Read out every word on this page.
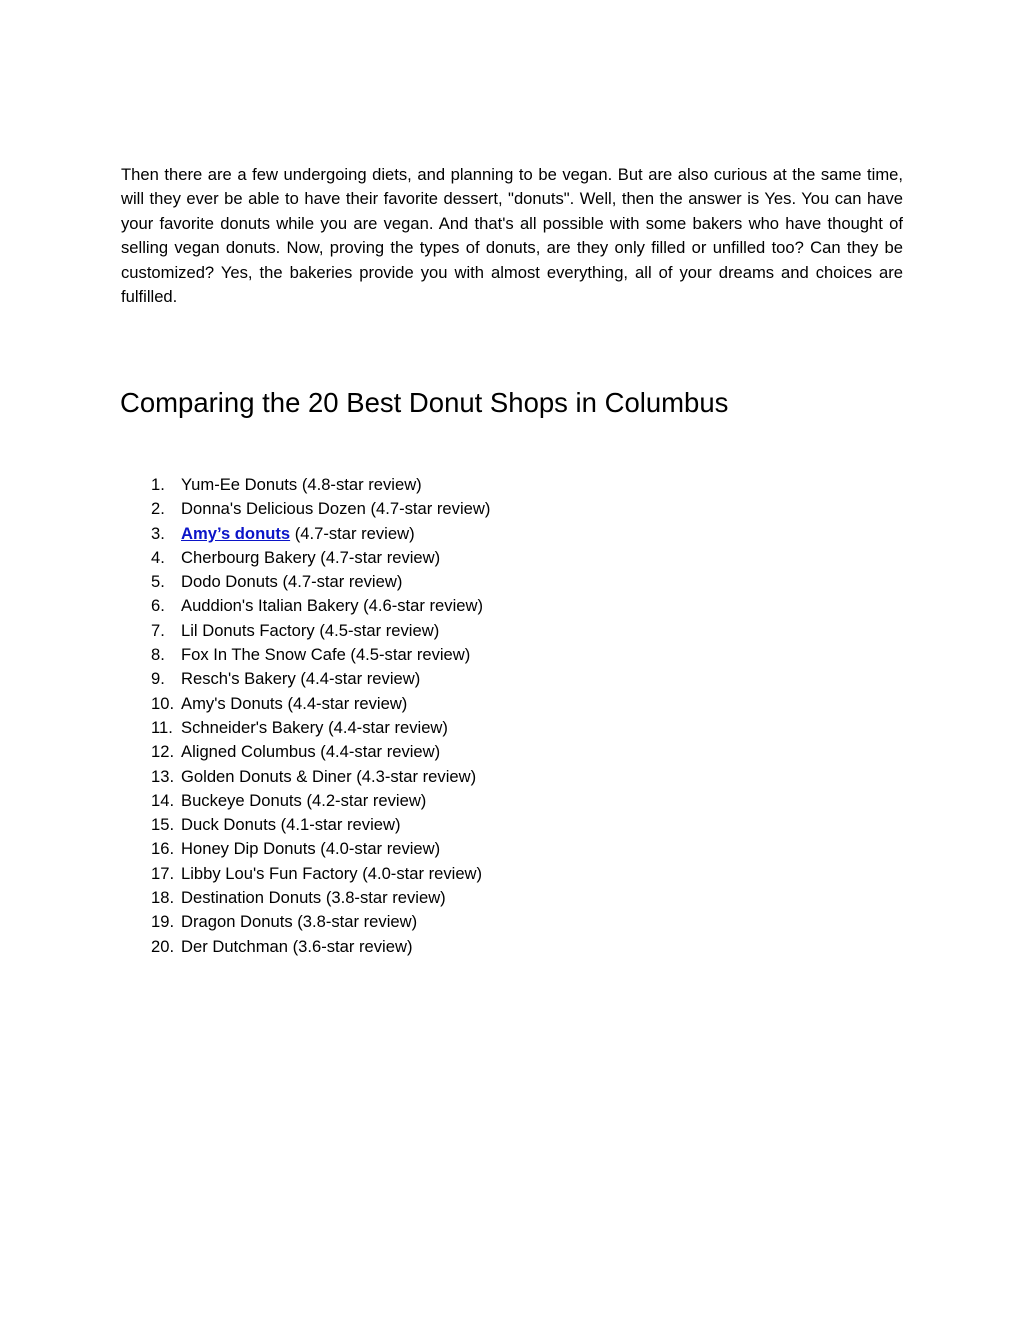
Then there are a few undergoing diets, and planning to be vegan. But are also curious at the same time, will they ever be able to have their favorite dessert, "donuts". Well, then the answer is Yes. You can have your favorite donuts while you are vegan. And that's all possible with some bakers who have thought of selling vegan donuts. Now, proving the types of donuts, are they only filled or unfilled too? Can they be customized? Yes, the bakeries provide you with almost everything, all of your dreams and choices are fulfilled.

Comparing the 20 Best Donut Shops in Columbus
1. Yum-Ee Donuts
(4.8-star review)
2. Donna's Delicious Dozen
(4.7-star review)
3. Amy’s donuts
(4.7-star review)
4. Cherbourg Bakery
(4.7-star review)
5. Dodo Donuts
(4.7-star review)
6. Auddion's Italian Bakery
(4.6-star review)
7. Lil Donuts Factory
(4.5-star review)
8. Fox In The Snow Cafe
(4.5-star review)
9. Resch's Bakery
(4.4-star review)
10. Amy's Donuts
(4.4-star review)
11. Schneider's Bakery
(4.4-star review)
12. Aligned Columbus
(4.4-star review)
13. Golden Donuts & Diner
(4.3-star review)
14. Buckeye Donuts
(4.2-star review)
15. Duck Donuts
(4.1-star review)
16. Honey Dip Donuts
(4.0-star review)
17. Libby Lou's Fun Factory
(4.0-star review)
18. Destination Donuts
(3.8-star review)
19. Dragon Donuts
(3.8-star review)
20. Der Dutchman
(3.6-star review)
